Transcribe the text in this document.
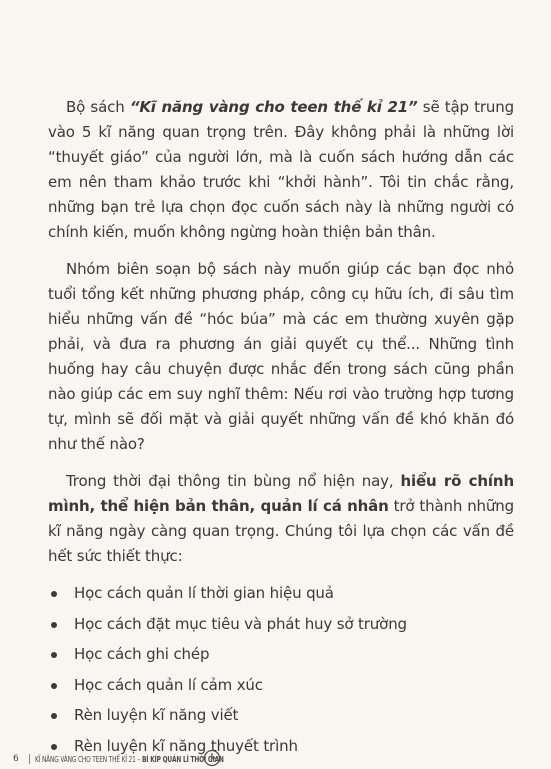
Bộ sách “Kĩ năng vàng cho teen thế kỉ 21” sẽ tập trung vào 5 kĩ năng quan trọng trên. Đây không phải là những lời “thuyết giáo” của người lớn, mà là cuốn sách hướng dẫn các em nên tham khảo trước khi “khởi hành”. Tôi tin chắc rằng, những bạn trẻ lựa chọn đọc cuốn sách này là những người có chính kiến, muốn không ngừng hoàn thiện bản thân.

Nhóm biên soạn bộ sách này muốn giúp các bạn đọc nhỏ tuổi tổng kết những phương pháp, công cụ hữu ích, đi sâu tìm hiểu những vấn đề “hóc búa” mà các em thường xuyên gặp phải, và đưa ra phương án giải quyết cụ thể... Những tình huống hay câu chuyện được nhắc đến trong sách cũng phần nào giúp các em suy nghĩ thêm: Nếu rơi vào trường hợp tương tự, mình sẽ đối mặt và giải quyết những vấn đề khó khăn đó như thế nào?

Trong thời đại thông tin bùng nổ hiện nay, hiểu rõ chính mình, thể hiện bản thân, quản lí cá nhân trở thành những kĩ năng ngày càng quan trọng. Chúng tôi lựa chọn các vấn đề hết sức thiết thực:

Học cách quản lí thời gian hiệu quả
Học cách đặt mục tiêu và phát huy sở trường
Học cách ghi chép
Học cách quản lí cảm xúc
Rèn luyện kĩ năng viết
Rèn luyện kĩ năng thuyết trình
6 KĨ NĂNG VÀNG CHO TEEN THẾ KỈ 21 – BÍ KÍP QUẢN LÍ THỜI GIAN
